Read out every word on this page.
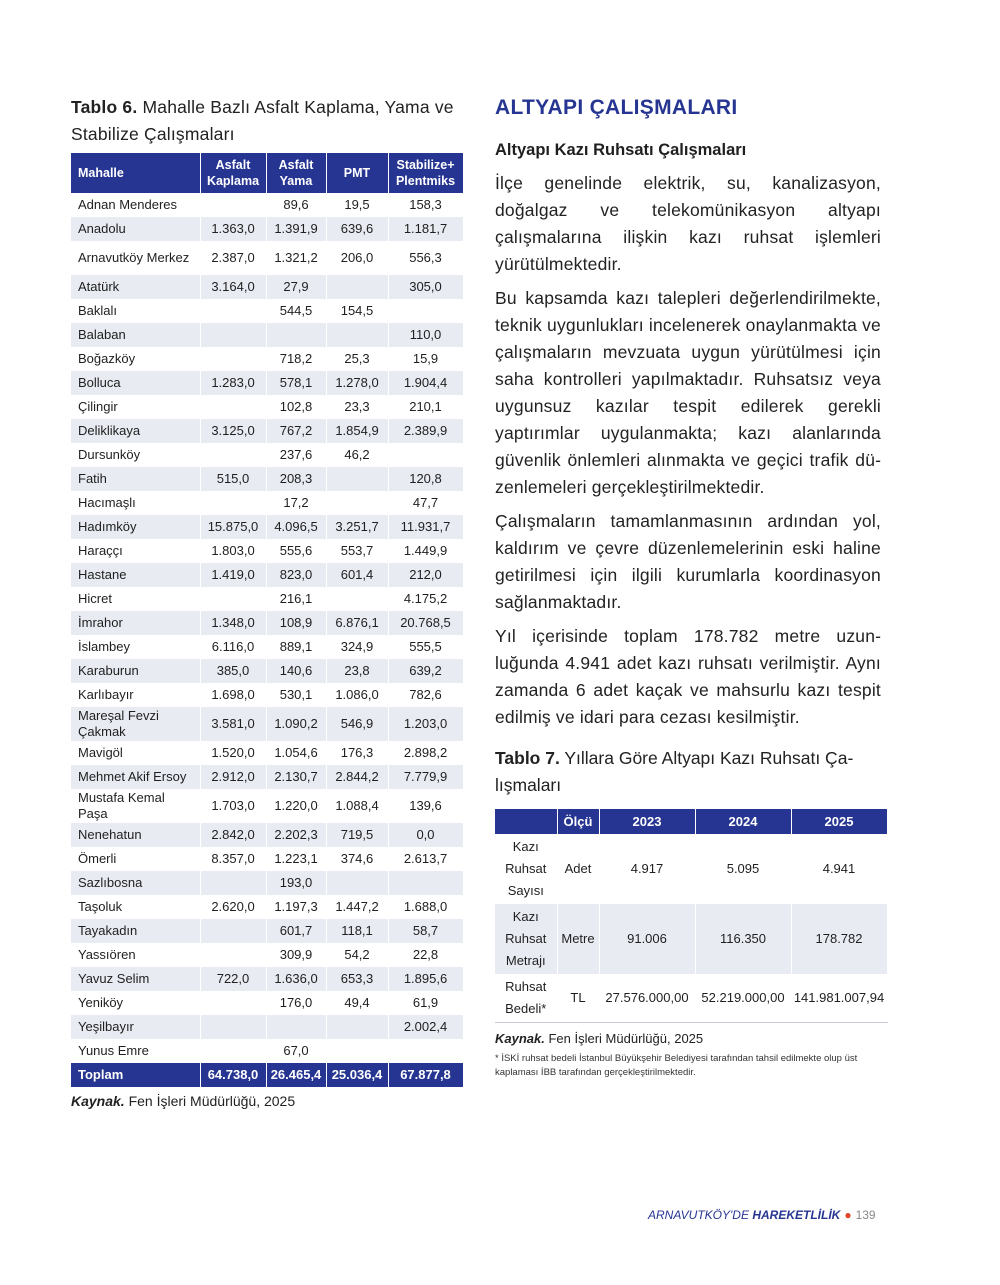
Tablo 6. Mahalle Bazlı Asfalt Kaplama, Yama ve Stabilize Çalışmaları
Mahalle	Asfalt Kaplama	Asfalt Yama	PMT	Stabilize+ Plentmiks
Adnan Menderes		89,6	19,5	158,3
Anadolu	1.363,0	1.391,9	639,6	1.181,7
Arnavutköy Merkez	2.387,0	1.321,2	206,0	556,3
Atatürk	3.164,0	27,9		305,0
Baklalı		544,5	154,5	
Balaban				110,0
Boğazköy		718,2	25,3	15,9
Bolluca	1.283,0	578,1	1.278,0	1.904,4
Çilingir		102,8	23,3	210,1
Deliklikaya	3.125,0	767,2	1.854,9	2.389,9
Dursunköy		237,6	46,2	
Fatih	515,0	208,3		120,8
Hacımaşlı		17,2		47,7
Hadımköy	15.875,0	4.096,5	3.251,7	11.931,7
Haraççı	1.803,0	555,6	553,7	1.449,9
Hastane	1.419,0	823,0	601,4	212,0
Hicret		216,1		4.175,2
İmrahor	1.348,0	108,9	6.876,1	20.768,5
İslambey	6.116,0	889,1	324,9	555,5
Karaburun	385,0	140,6	23,8	639,2
Karlıbayır	1.698,0	530,1	1.086,0	782,6
Mareşal Fevzi Çakmak	3.581,0	1.090,2	546,9	1.203,0
Mavigöl	1.520,0	1.054,6	176,3	2.898,2
Mehmet Akif Ersoy	2.912,0	2.130,7	2.844,2	7.779,9
Mustafa Kemal Paşa	1.703,0	1.220,0	1.088,4	139,6
Nenehatun	2.842,0	2.202,3	719,5	0,0
Ömerli	8.357,0	1.223,1	374,6	2.613,7
Sazlıbosna		193,0		
Taşoluk	2.620,0	1.197,3	1.447,2	1.688,0
Tayakadın		601,7	118,1	58,7
Yassıören		309,9	54,2	22,8
Yavuz Selim	722,0	1.636,0	653,3	1.895,6
Yeniköy		176,0	49,4	61,9
Yeşilbayır				2.002,4
Yunus Emre		67,0		
Toplam	64.738,0	26.465,4	25.036,4	67.877,8
Kaynak. Fen İşleri Müdürlüğü, 2025
ALTYAPI ÇALIŞMALARI
Altyapı Kazı Ruhsatı Çalışmaları
İlçe genelinde elektrik, su, kanalizasyon, doğalgaz ve telekomünikasyon altyapı çalışmalarına ilişkin kazı ruhsat işlemleri yürütülmektedir.
Bu kapsamda kazı talepleri değerlendirilmekte, teknik uygunlukları incelenerek onaylanmakta ve çalışmaların mevzuata uygun yürütülmesi için saha kontrolleri yapılmaktadır. Ruhsatsız veya uygunsuz kazılar tespit edilerek gerekli yaptırımlar uygulanmakta; kazı alanlarında güvenlik önlemleri alınmakta ve geçici trafik düzenlemeleri gerçekleştirilmektedir.
Çalışmaların tamamlanmasının ardından yol, kaldırım ve çevre düzenlemelerinin eski haline getirilmesi için ilgili kurumlarla koordinasyon sağlanmaktadır.
Yıl içerisinde toplam 178.782 metre uzunluğunda 4.941 adet kazı ruhsatı verilmiştir. Aynı zamanda 6 adet kaçak ve mahsurlu kazı tespit edilmiş ve idari para cezası kesilmiştir.
Tablo 7. Yıllara Göre Altyapı Kazı Ruhsatı Çalışmaları
	Ölçü	2023	2024	2025
Kazı Ruhsat Sayısı	Adet	4.917	5.095	4.941
Kazı Ruhsat Metrajı	Metre	91.006	116.350	178.782
Ruhsat Bedeli*	TL	27.576.000,00	52.219.000,00	141.981.007,94
Kaynak. Fen İşleri Müdürlüğü, 2025
* İSKİ ruhsat bedeli İstanbul Büyükşehir Belediyesi tarafından tahsil edilmekte olup üst kaplaması İBB tarafından gerçekleştirilmektedir.
ARNAVUTKÖY'DE HAREKETLİLİK ● 139
